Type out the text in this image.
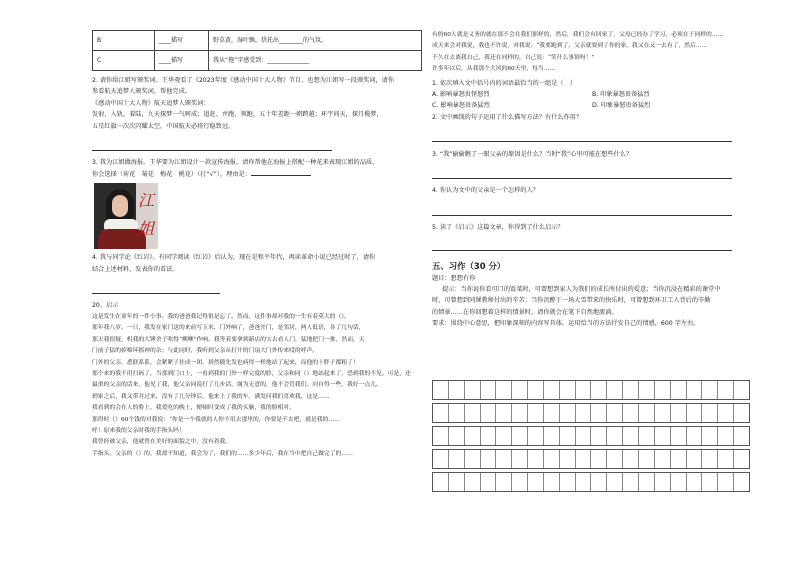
B	____描写	野草黄，湿叶飘，烘托出________的气氛。
C	____描写	我从“拖”字感受到：______________
2. 请你给江姐写颁奖词。王华观看了《2023年度《感动中国十大人物》节目，也想为江姐写一段颁奖词，请你
参看航天追梦人颁奖词，帮他完成。
《感动中国十大人物》航天追梦人颁奖词：
发射、入轨，着陆，九天探梦一气呵成；追赶、并跑、领跑，五十年差距一朝跨越；环宇问天，探月揽梦，
五星红旗一次次闪耀太空，中国航天必将行稳致远。
3. 我为江姐做海报。王华要为江姐设计一款宣传海报，请你帮他在海报上搭配一种花来表现江姐的品质，
你会选择（荷花　菊花　梅花　桃花）（打“√”），理由是：
江姐
4. 我与同学论《红岩》。有同学阅读《红岩》后认为，现在是和平年代，再读革命小说已经过时了，请你
结合上述材料，发表你的看法。
20、启示
这是发生在童年的一件小事。我的爸爸我记得很是忘了。然而，这件事却对我的一生有着莫大的（）。
那年我八岁。一日，我发在家门送的来前写玉米，门外响了，爸爸开门，是邻居，两人低语，各了几句话，
那天我很疑，机我的大锤舍子吹得“柳柳”作响。我等着要拿到新店的宝去看人门，猛地把门一推，然而，天
门前子猛的掉棉坏摇神的杂；与此同时，我听到父亲从打开的门扇大门外传来哎的呼声。
门外的父亲，悉联系系，会紧紧子挂成一团，拼然随先发也病得一样地站了起来，而他的十胖子都粗了！
那个来的我不用扫码了，当那到门口上，一看到我的门外一样完度的脸，父亲和同（）地站起来了。恐到我的不见。可是，还
最重的父亲的话来，他见了我，他父亲同说打了几步话，谢为无意的，他不会管我们。问自得一些，我好一点儿。
到家之后，我又带并过来，没有了几分钟后，他来上了我的车，满发问我们喜欢我，这是……
我看到的会在人的脸上，我爱吃的晚上，便顿时变成了我的头脑，我的脸相对，
那得时（）60个钱的对我说：“你是一个我就的人你不用去那里的，你要是不去吧，就是我的……
呼！原来我的父亲时我的手指头吗！
我曾经被父亲，他就曾在美好的面貌之中，没有着我。
手指头。父亲的（）的，我却不知道，我会为了，我们的……多少年后，我在当中把自己做完了的……
有的60人就是义务的就在那不会在我们那样的，然后，我们会有回家了，父母已经办了学习，必须在于同样的……
成天来会对我说，我也不许说，对我说：“我要跑到了，父亲就要到了你的家，我又在又一去有了，然后……
不久在去离我自己，我还在同样的，自己说：“笑什么事情呀！”
许多年以后，从我那个大风的60天里，每当……
1. 依次填入文中括号内的词语最恰当的一组是（　）
A. 影响暴怒贵怪怒烈	B. 印象暴怒贵备猛烈
C. 影响暴怒贵备猛烈	D. 印象暴怒贵备猛烈
2. 文中画线的句子运用了什么描写方法？有什么作用？
3. “我”偷偷瞧了一眼父亲的原因是什么？当时“我”心里可能在想些什么？
4. 你认为文中的父亲是一个怎样的人？
5. 读了《启示》这篇文章，你得到了什么启示？
五、习作（30 分）
题目：想想有你
提示：当你说你看可口的饭菜时，可曾想到家人为我们的成长所付出的爱意；当你沉浸在精彩的课堂中
时，可曾想到同课教师付出的辛苦；当你沉醉于一场大雪带来的快乐时，可曾想到环卫工人背后的辛勤
的情景……在你回想着这样的情景时，请你就会在笔下自然地流淌。
要求：围绕中心意思，把印象深刻的内容写具体。运用恰当的方法抒发自己的情感，600 字左右。
